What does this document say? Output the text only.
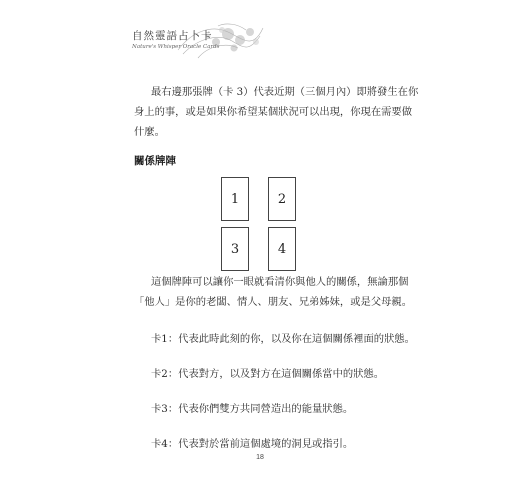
自然靈語占卜卡
Nature's Whisper Oracle Cards
最右邊那張牌（卡 3）代表近期（三個月內）即將發生在你
身上的事，或是如果你希望某個狀況可以出現，你現在需要做
什麼。
關係牌陣
1	2
3	4
這個牌陣可以讓你一眼就看清你與他人的關係，無論那個
「他人」是你的老闆、情人、朋友、兄弟姊妹，或是父母親。
卡1：代表此時此刻的你，以及你在這個關係裡面的狀態。
卡2：代表對方，以及對方在這個關係當中的狀態。
卡3：代表你們雙方共同營造出的能量狀態。
卡4：代表對於當前這個處境的洞見或指引。
18
